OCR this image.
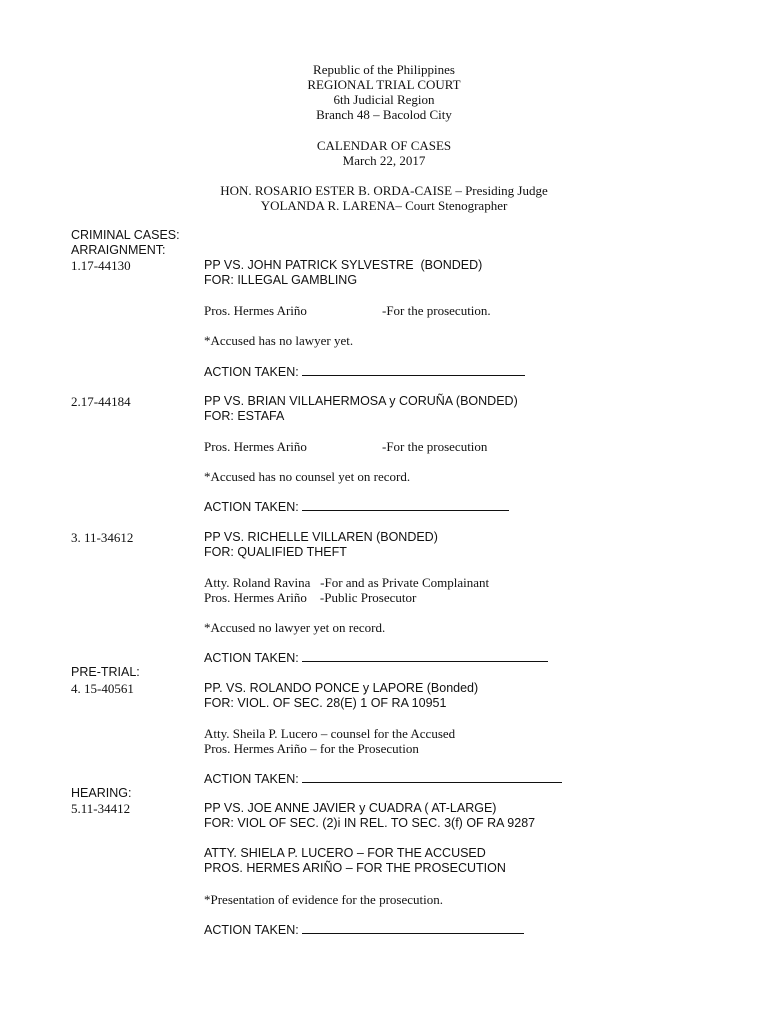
Republic of the Philippines
REGIONAL TRIAL COURT
6th Judicial Region
Branch 48 – Bacolod City
CALENDAR OF CASES
March 22, 2017
HON. ROSARIO ESTER B. ORDA-CAISE – Presiding Judge
YOLANDA R. LARENA– Court Stenographer
CRIMINAL CASES:
ARRAIGNMENT:
1.17-44130	PP VS. JOHN PATRICK SYLVESTRE  (BONDED)
FOR: ILLEGAL GAMBLING
Pros. Hermes Ariño	-For the prosecution.
*Accused has no lawyer yet.
ACTION TAKEN:
2.17-44184	PP VS. BRIAN VILLAHERMOSA y CORUÑA (BONDED)
FOR: ESTAFA
Pros. Hermes Ariño	-For the prosecution
*Accused has no counsel yet on record.
ACTION TAKEN:
3. 11-34612	PP VS. RICHELLE VILLAREN (BONDED)
FOR: QUALIFIED THEFT
Atty. Roland Ravina   -For and as Private Complainant
Pros. Hermes Ariño    -Public Prosecutor
*Accused no lawyer yet on record.
ACTION TAKEN:
PRE-TRIAL:
4. 15-40561	PP. VS. ROLANDO PONCE y LAPORE (Bonded)
FOR: VIOL. OF SEC. 28(E) 1 OF RA 10951
Atty. Sheila P. Lucero – counsel for the Accused
Pros. Hermes Ariño – for the Prosecution
ACTION TAKEN:
HEARING:
5.11-34412	PP VS. JOE ANNE JAVIER y CUADRA ( AT-LARGE)
FOR: VIOL OF SEC. (2)i IN REL. TO SEC. 3(f) OF RA 9287
ATTY. SHIELA P. LUCERO – FOR THE ACCUSED
PROS. HERMES ARIÑO – FOR THE PROSECUTION
*Presentation of evidence for the prosecution.
ACTION TAKEN:
